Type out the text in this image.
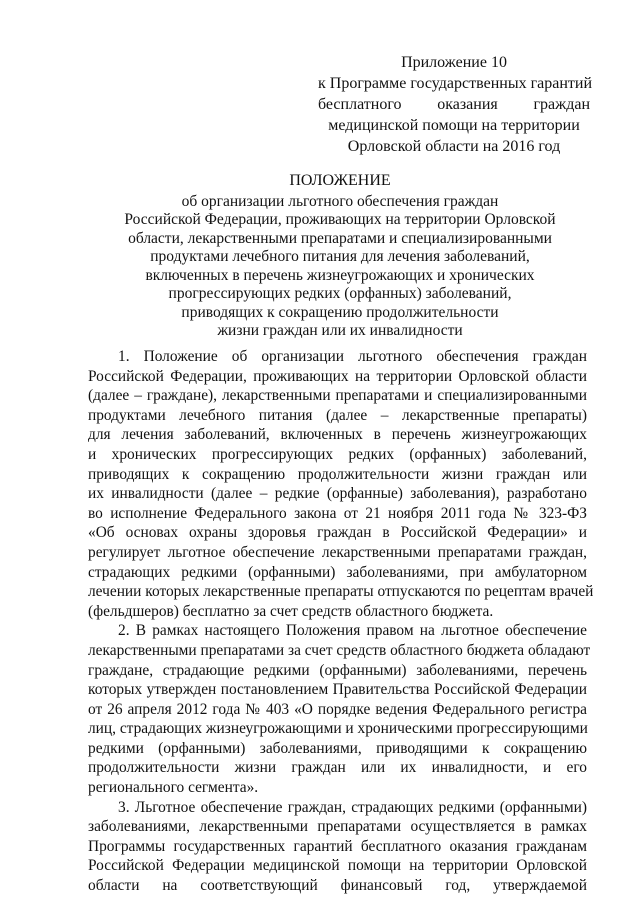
Приложение 10
к Программе государственных гарантий
бесплатного оказания граждан
медицинской помощи на территории
Орловской области на 2016 год
ПОЛОЖЕНИЕ
об организации льготного обеспечения граждан
Российской Федерации, проживающих на территории Орловской
области, лекарственными препаратами и специализированными
продуктами лечебного питания для лечения заболеваний,
включенных в перечень жизнеугрожающих и хронических
прогрессирующих редких (орфанных) заболеваний,
приводящих к сокращению продолжительности
жизни граждан или их инвалидности
1. Положение об организации льготного обеспечения граждан
Российской Федерации, проживающих на территории Орловской области
(далее – граждане), лекарственными препаратами и специализированными
продуктами лечебного питания (далее – лекарственные препараты)
для лечения заболеваний, включенных в перечень жизнеугрожающих
и хронических прогрессирующих редких (орфанных) заболеваний,
приводящих к сокращению продолжительности жизни граждан или
их инвалидности (далее – редкие (орфанные) заболевания), разработано
во исполнение Федерального закона от 21 ноября 2011 года № 323-ФЗ
«Об основах охраны здоровья граждан в Российской Федерации» и
регулирует льготное обеспечение лекарственными препаратами граждан,
страдающих редкими (орфанными) заболеваниями, при амбулаторном
лечении которых лекарственные препараты отпускаются по рецептам врачей
(фельдшеров) бесплатно за счет средств областного бюджета.
2. В рамках настоящего Положения правом на льготное обеспечение
лекарственными препаратами за счет средств областного бюджета обладают
граждане, страдающие редкими (орфанными) заболеваниями, перечень
которых утвержден постановлением Правительства Российской Федерации
от 26 апреля 2012 года № 403 «О порядке ведения Федерального регистра
лиц, страдающих жизнеугрожающими и хроническими прогрессирующими
редкими (орфанными) заболеваниями, приводящими к сокращению
продолжительности жизни граждан или их инвалидности, и его
регионального сегмента».
3. Льготное обеспечение граждан, страдающих редкими (орфанными)
заболеваниями, лекарственными препаратами осуществляется в рамках
Программы государственных гарантий бесплатного оказания гражданам
Российской Федерации медицинской помощи на территории Орловской
области на соответствующий финансовый год, утверждаемой
